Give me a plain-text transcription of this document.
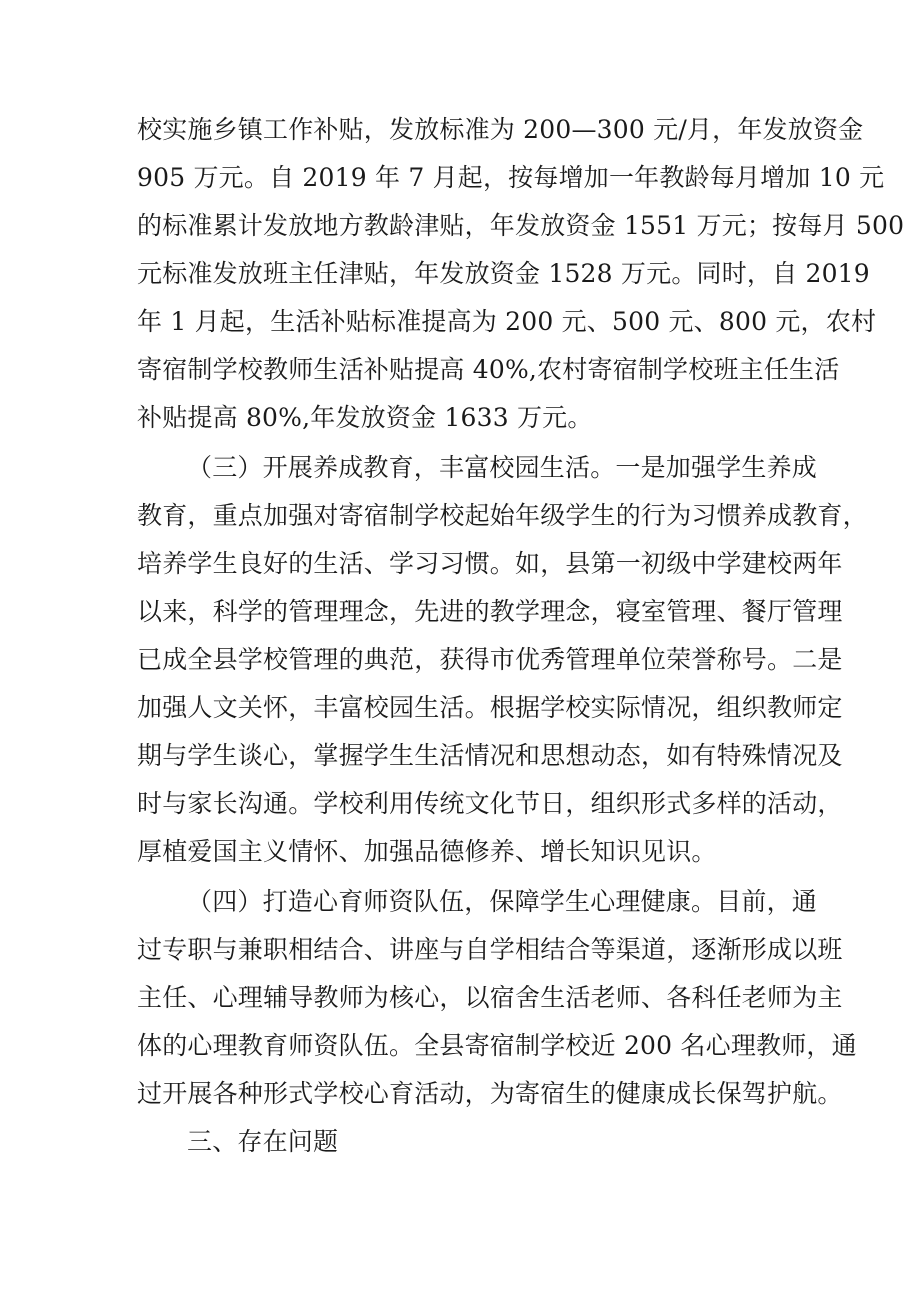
校实施乡镇工作补贴，发放标准为 200—300 元/月，年发放资金

905 万元。自 2019 年 7 月起，按每增加一年教龄每月增加 10 元

的标准累计发放地方教龄津贴，年发放资金 1551 万元；按每月 500

元标准发放班主任津贴，年发放资金 1528 万元。同时，自 2019

年 1 月起，生活补贴标准提高为 200 元、500 元、800 元，农村

寄宿制学校教师生活补贴提高 40%,农村寄宿制学校班主任生活

补贴提高 80%,年发放资金 1633 万元。

（三）开展养成教育，丰富校园生活。一是加强学生养成

教育，重点加强对寄宿制学校起始年级学生的行为习惯养成教育，

培养学生良好的生活、学习习惯。如，县第一初级中学建校两年

以来，科学的管理理念，先进的教学理念，寝室管理、餐厅管理

已成全县学校管理的典范，获得市优秀管理单位荣誉称号。二是

加强人文关怀，丰富校园生活。根据学校实际情况，组织教师定

期与学生谈心，掌握学生生活情况和思想动态，如有特殊情况及

时与家长沟通。学校利用传统文化节日，组织形式多样的活动，

厚植爱国主义情怀、加强品德修养、增长知识见识。

（四）打造心育师资队伍，保障学生心理健康。目前，通

过专职与兼职相结合、讲座与自学相结合等渠道，逐渐形成以班

主任、心理辅导教师为核心，以宿舍生活老师、各科任老师为主

体的心理教育师资队伍。全县寄宿制学校近 200 名心理教师，通

过开展各种形式学校心育活动，为寄宿生的健康成长保驾护航。

三、存在问题
